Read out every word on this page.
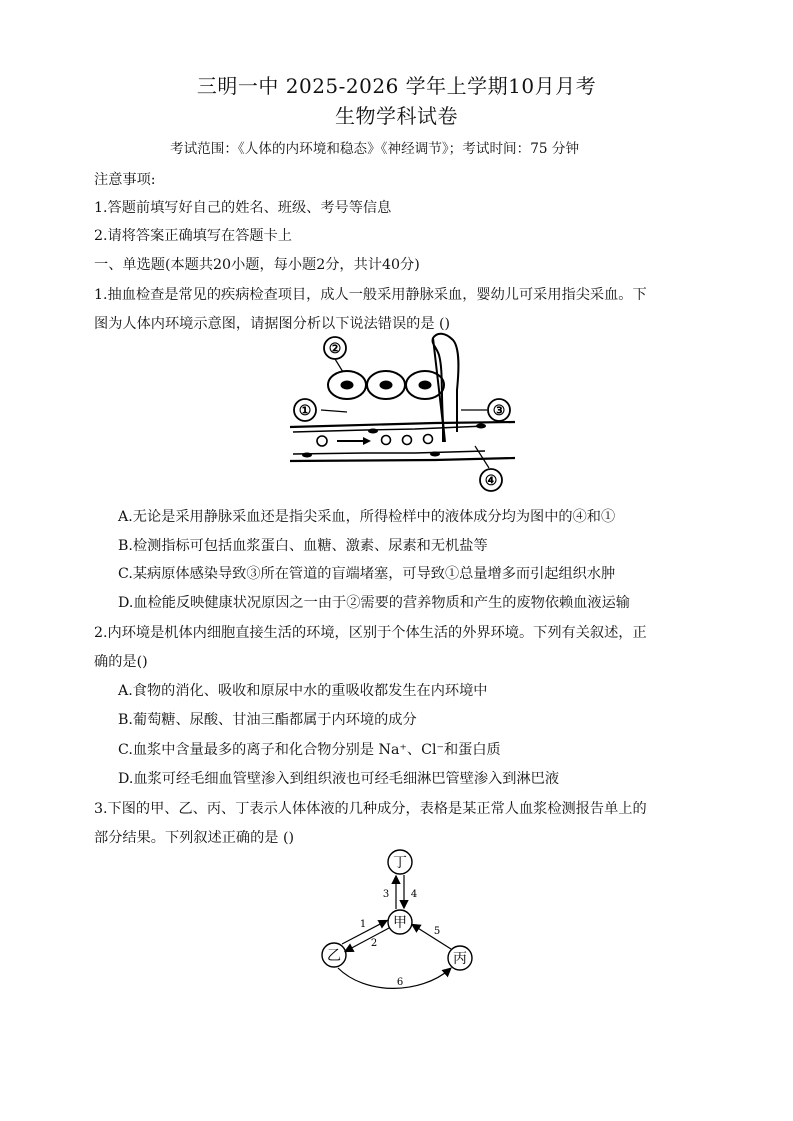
三明一中 2025-2026 学年上学期10月月考
生物学科试卷
考试范围：《人体的内环境和稳态》《神经调节》；考试时间：75 分钟
注意事项:
1.答题前填写好自己的姓名、班级、考号等信息
2.请将答案正确填写在答题卡上
一、单选题(本题共20小题，每小题2分，共计40分)
1.抽血检查是常见的疾病检查项目，成人一般采用静脉采血，婴幼儿可采用指尖采血。下
图为人体内环境示意图，请据图分析以下说法错误的是 ()
②
①	③
④
A.无论是采用静脉采血还是指尖采血，所得检样中的液体成分均为图中的④和①
B.检测指标可包括血浆蛋白、血糖、激素、尿素和无机盐等
C.某病原体感染导致③所在管道的盲端堵塞，可导致①总量增多而引起组织水肿
D.血检能反映健康状况原因之一由于②需要的营养物质和产生的废物依赖血液运输
2.内环境是机体内细胞直接生活的环境，区别于个体生活的外界环境。下列有关叙述，正
确的是()
A.食物的消化、吸收和原尿中水的重吸收都发生在内环境中
B.葡萄糖、尿酸、甘油三酯都属于内环境的成分
C.血浆中含量最多的离子和化合物分别是 Na⁺、Cl⁻和蛋白质
D.血浆可经毛细血管壁渗入到组织液也可经毛细淋巴管壁渗入到淋巴液
3.下图的甲、乙、丙、丁表示人体体液的几种成分，表格是某正常人血浆检测报告单上的
部分结果。下列叙述正确的是 ()
丁
甲
乙	丙
3 4
1
2
5
6
